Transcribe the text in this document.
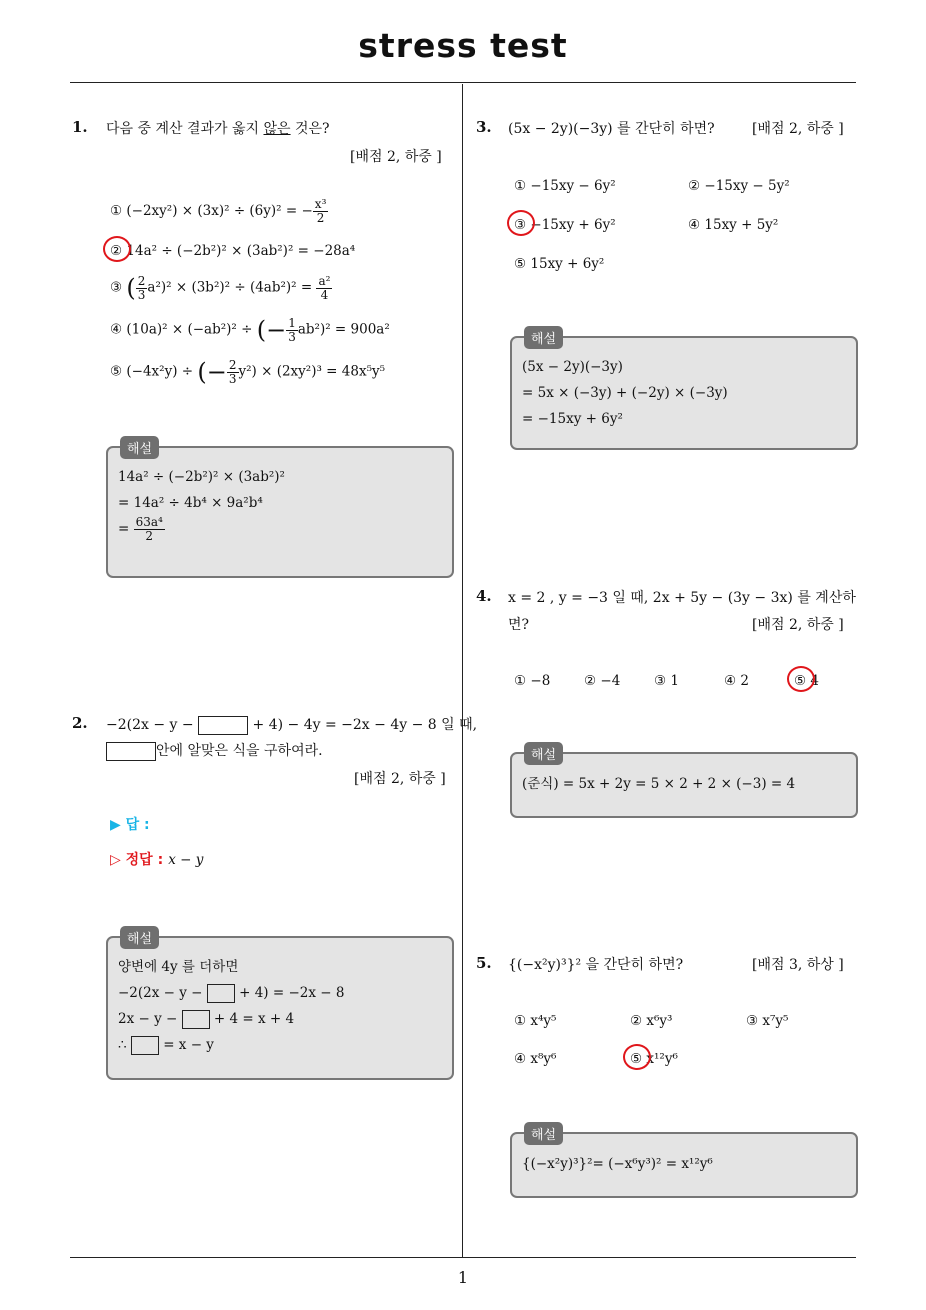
stress test
1. 다음 중 계산 결과가 옳지 않은 것은?
[배점 2, 하중 ]
① (−2xy²) × (3x)² ÷ (6y)² = − $\frac{\text{x³}}{2}$
② 14a² ÷ (−2b²)² × (3ab²)² = −28a⁴
③ ( $\frac{2}{3} a^2)^2 \times (3b^2)^2 \div (4ab^2)^2 = \frac{\text{a²}}{4}$
④ (10a)² × (−ab²)² ÷ (− $\frac{1}{3} ab^2)^2 = 900a^2$
⑤ (−4x²y) ÷ (− $\frac{2}{3} y^2) \times (2xy^2)^3 = 48x^5y^5$
해설
14a² ÷ (−2b²)² × (3ab²)²
= 14a² ÷ 4b⁴ × 9a²b⁴
= $\frac{\text{63a⁴}}{2}$
2. −2(2x − y −	+ 4) − 4y = −2x − 4y − 8 일 때,
안에 알맞은 식을 구하여라.
[배점 2, 하중 ]
▶ 답 :
▷ 정답 : x − y
해설
양변에 4y 를 더하면
−2(2x − y −	+ 4) = −2x − 8
2x − y −	+ 4 = x + 4
∴	= x − y
3. (5x − 2y)(−3y) 를 간단히 하면?	[배점 2, 하중 ]
① −15xy − 6y²	② −15xy − 5y²
③ −15xy + 6y²	④ 15xy + 5y²
⑤ 15xy + 6y²
해설
(5x − 2y)(−3y)
= 5x × (−3y) + (−2y) × (−3y)
= −15xy + 6y²
4. x = 2 , y = −3 일 때, 2x + 5y − (3y − 3x) 를 계산하
면?	[배점 2, 하중 ]
① −8 ② −4 ③ 1	④ 2	⑤ 4
해설
(준식) = 5x + 2y = 5 × 2 + 2 × (−3) = 4
5. {(−x²y)³}² 을 간단히 하면?	[배점 3, 하상 ]
① x⁴y⁵	② x⁶y³	③ x⁷y⁵
④ x⁸y⁶	⑤ x¹²y⁶
해설
{(−x²y)³}²= (−x⁶y³)² = x¹²y⁶
1
